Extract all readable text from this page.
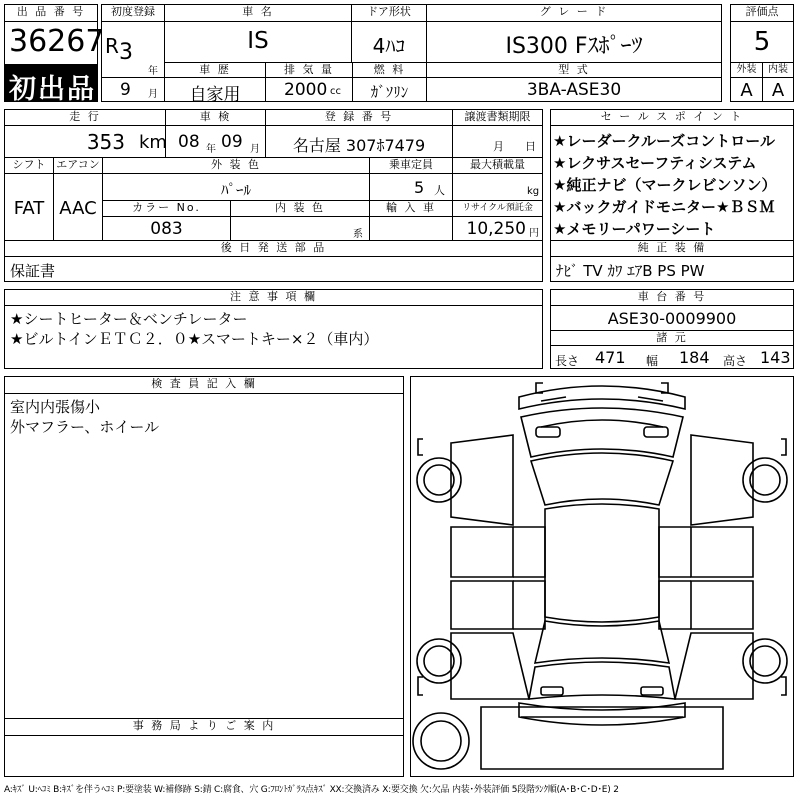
出 品 番 号
36267
初出品
初度登録
R 3
年
9 月
車 名
IS
ドア形状
4ﾊｺ
グ レ ー ド
IS300 Fｽﾎﾟｰﾂ
評価点
5
外装	内装
A	A
車 歴
自家用
排 気 量
2000 cc
燃 料
ｶﾞｿﾘﾝ
型 式
3BA-ASE30
走 行
353 km
車 検
08 年 09 月
登 録 番 号
名古屋 307ﾎ7479
譲渡書類期限
月 日
シフト
FAT
エアコン
AAC
外 装 色
ﾊﾟｰﾙ
乗車定員
5 人
最大積載量
kg
カラー No.
083
内 装 色
系
輸 入 車	リサイクル預託金
10,250 円
セ ー ル ス ポ イ ン ト
★レーダークルーズコントロール
★レクサスセーフティシステム
★純正ナビ（マークレビンソン）
★バックガイドモニター★ＢＳＭ
★メモリーパワーシート
後 日 発 送 部 品
保証書
純 正 装 備
ﾅﾋﾞ TV ｶﾜ ｴｱB PS PW
注 意 事 項 欄
★シートヒーター＆ベンチレーター
★ビルトインＥＴＣ２．０★スマートキー×２（車内）
車 台 番 号
ASE30-0009900
諸 元
長さ 471 幅 184 高さ 143
検 査 員 記 入 欄
室内内張傷小
外マフラー、ホイール
事 務 局 よ り ご 案 内
A:ｷｽﾞ U:ﾍｺﾐ B:ｷｽﾞを伴うﾍｺﾐ P:要塗装 W:補修跡 S:錆 C:腐食、穴 G:ﾌﾛﾝﾄｶﾞﾗｽ点ｷｽﾞ XX:交換済み X:要交換 欠:欠品 内装･外装評価 5段階ﾗﾝｸ順(A･B･C･D･E) 2
